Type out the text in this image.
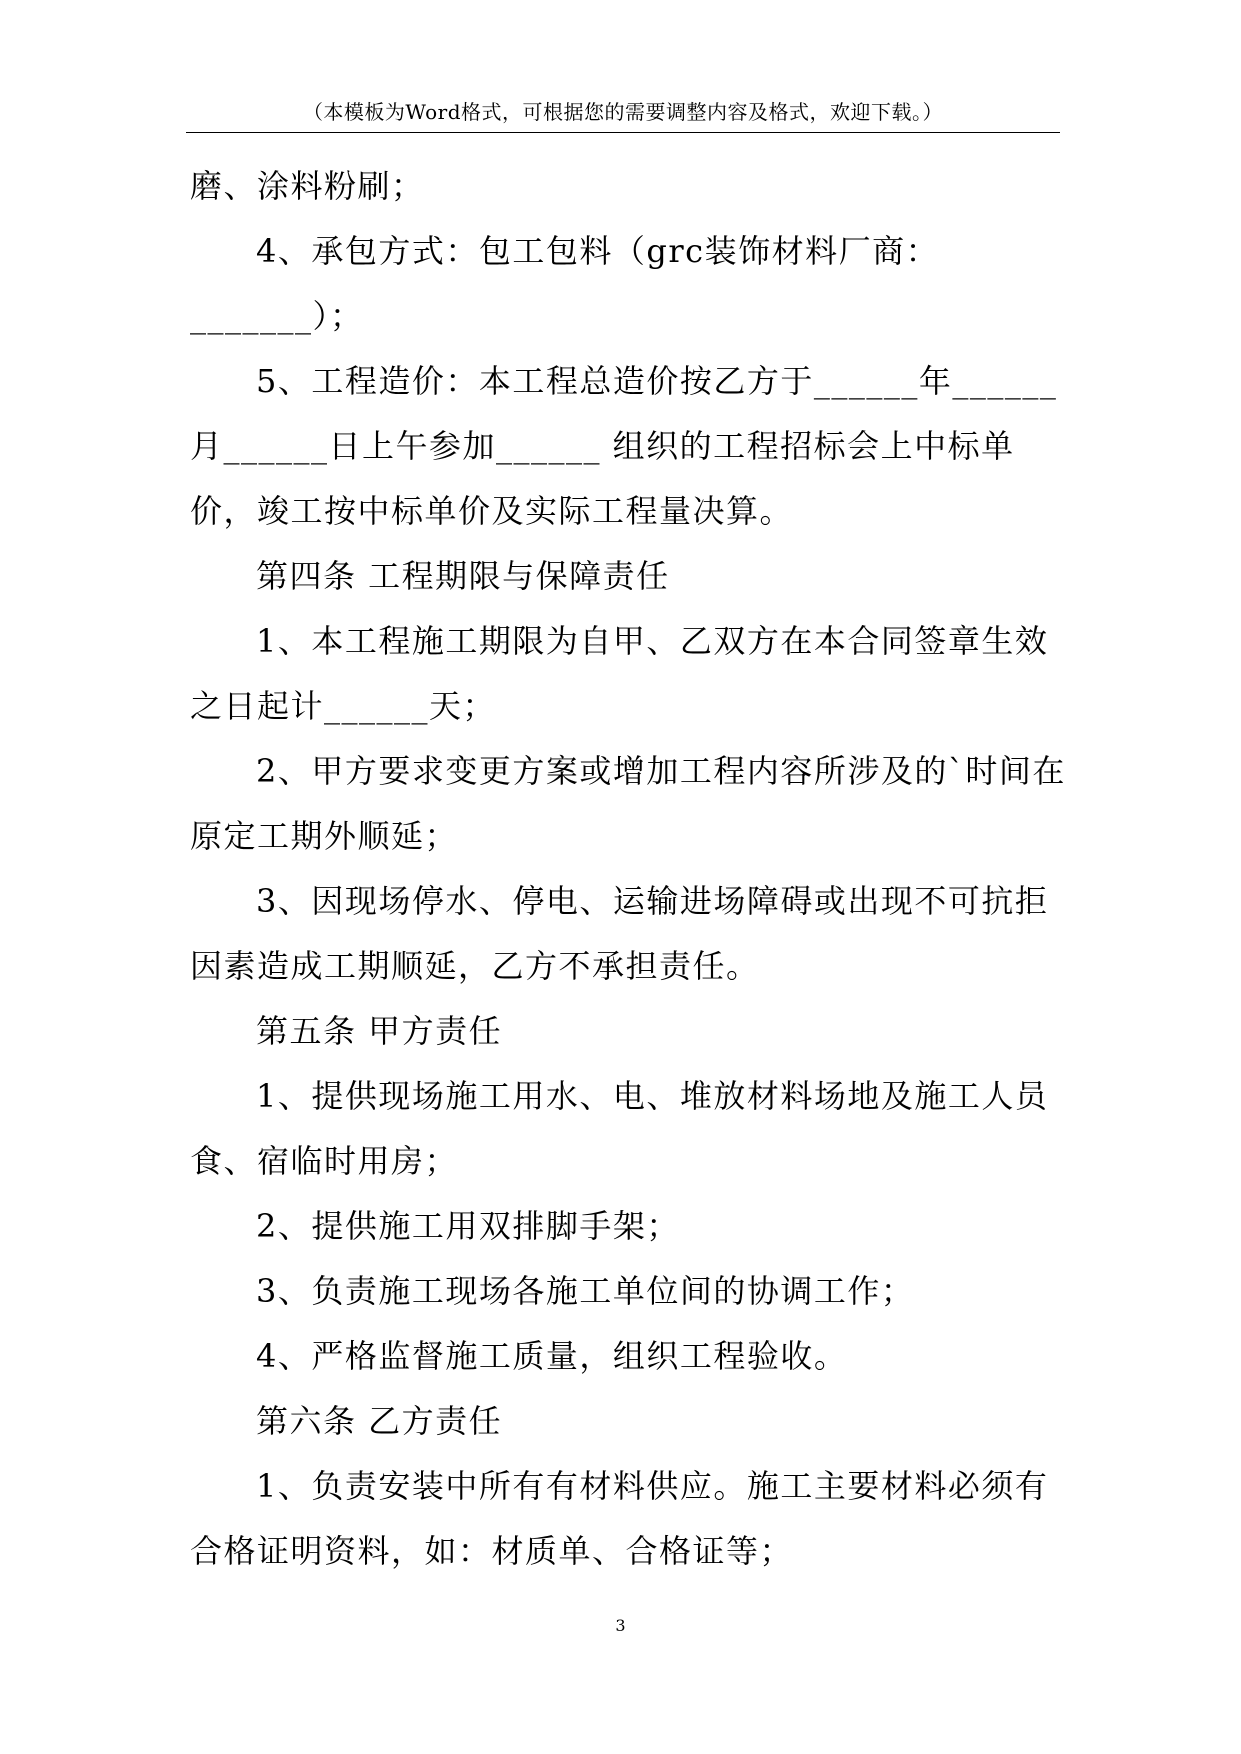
（本模板为Word格式，可根据您的需要调整内容及格式，欢迎下载。）
磨、涂料粉刷；
4、承包方式：包工包料（grc装饰材料厂商：
_______）；
5、工程造价：本工程总造价按乙方于______年______
月______日上午参加______ 组织的工程招标会上中标单
价，竣工按中标单价及实际工程量决算。
第四条 工程期限与保障责任
1、本工程施工期限为自甲、乙双方在本合同签章生效
之日起计______天；
2、甲方要求变更方案或增加工程内容所涉及的`时间在
原定工期外顺延；
3、因现场停水、停电、运输进场障碍或出现不可抗拒
因素造成工期顺延，乙方不承担责任。
第五条 甲方责任
1、提供现场施工用水、电、堆放材料场地及施工人员
食、宿临时用房；
2、提供施工用双排脚手架；
3、负责施工现场各施工单位间的协调工作；
4、严格监督施工质量，组织工程验收。
第六条 乙方责任
1、负责安装中所有有材料供应。施工主要材料必须有
合格证明资料，如：材质单、合格证等；
3
